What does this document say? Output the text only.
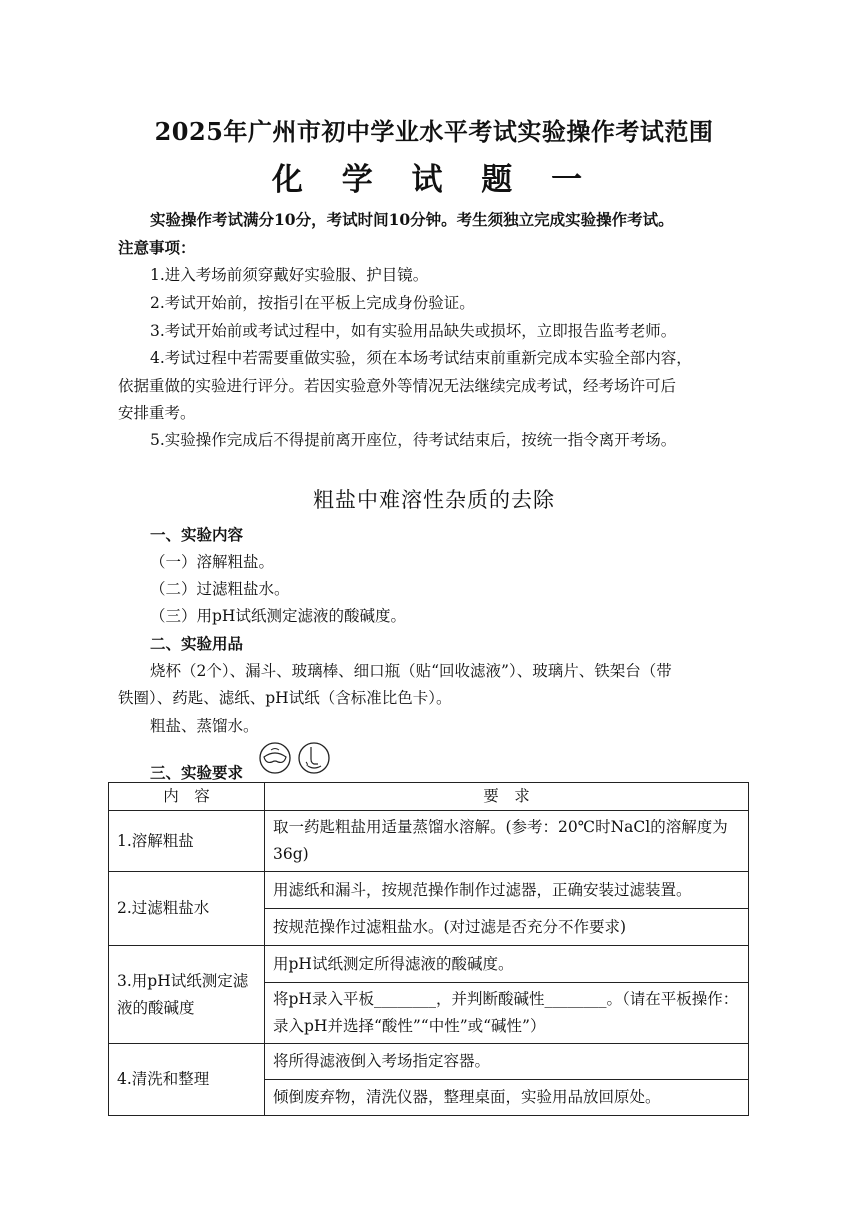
2025年广州市初中学业水平考试实验操作考试范围
化 学 试 题 一
实验操作考试满分10分，考试时间10分钟。考生须独立完成实验操作考试。
注意事项：
1.进入考场前须穿戴好实验服、护目镜。
2.考试开始前，按指引在平板上完成身份验证。
3.考试开始前或考试过程中，如有实验用品缺失或损坏，立即报告监考老师。
4.考试过程中若需要重做实验，须在本场考试结束前重新完成本实验全部内容，
依据重做的实验进行评分。若因实验意外等情况无法继续完成考试，经考场许可后
安排重考。
5.实验操作完成后不得提前离开座位，待考试结束后，按统一指令离开考场。
粗盐中难溶性杂质的去除
一、实验内容
（一）溶解粗盐。
（二）过滤粗盐水。
（三）用pH试纸测定滤液的酸碱度。
二、实验用品
烧杯（2个）、漏斗、玻璃棒、细口瓶（贴“回收滤液”）、玻璃片、铁架台（带
铁圈）、药匙、滤纸、pH试纸（含标准比色卡）。
粗盐、蒸馏水。
三、实验要求
内　容	要　求
1.溶解粗盐	取一药匙粗盐用适量蒸馏水溶解。(参考：20℃时NaCl的溶解度为36g)
2.过滤粗盐水	用滤纸和漏斗，按规范操作制作过滤器，正确安装过滤装置。
	按规范操作过滤粗盐水。(对过滤是否充分不作要求)
3.用pH试纸测定滤液的酸碱度	用pH试纸测定所得滤液的酸碱度。
	将pH录入平板________，并判断酸碱性________。（请在平板操作：录入pH并选择“酸性”“中性”或“碱性”）
4.清洗和整理	将所得滤液倒入考场指定容器。
	倾倒废弃物，清洗仪器，整理桌面，实验用品放回原处。
